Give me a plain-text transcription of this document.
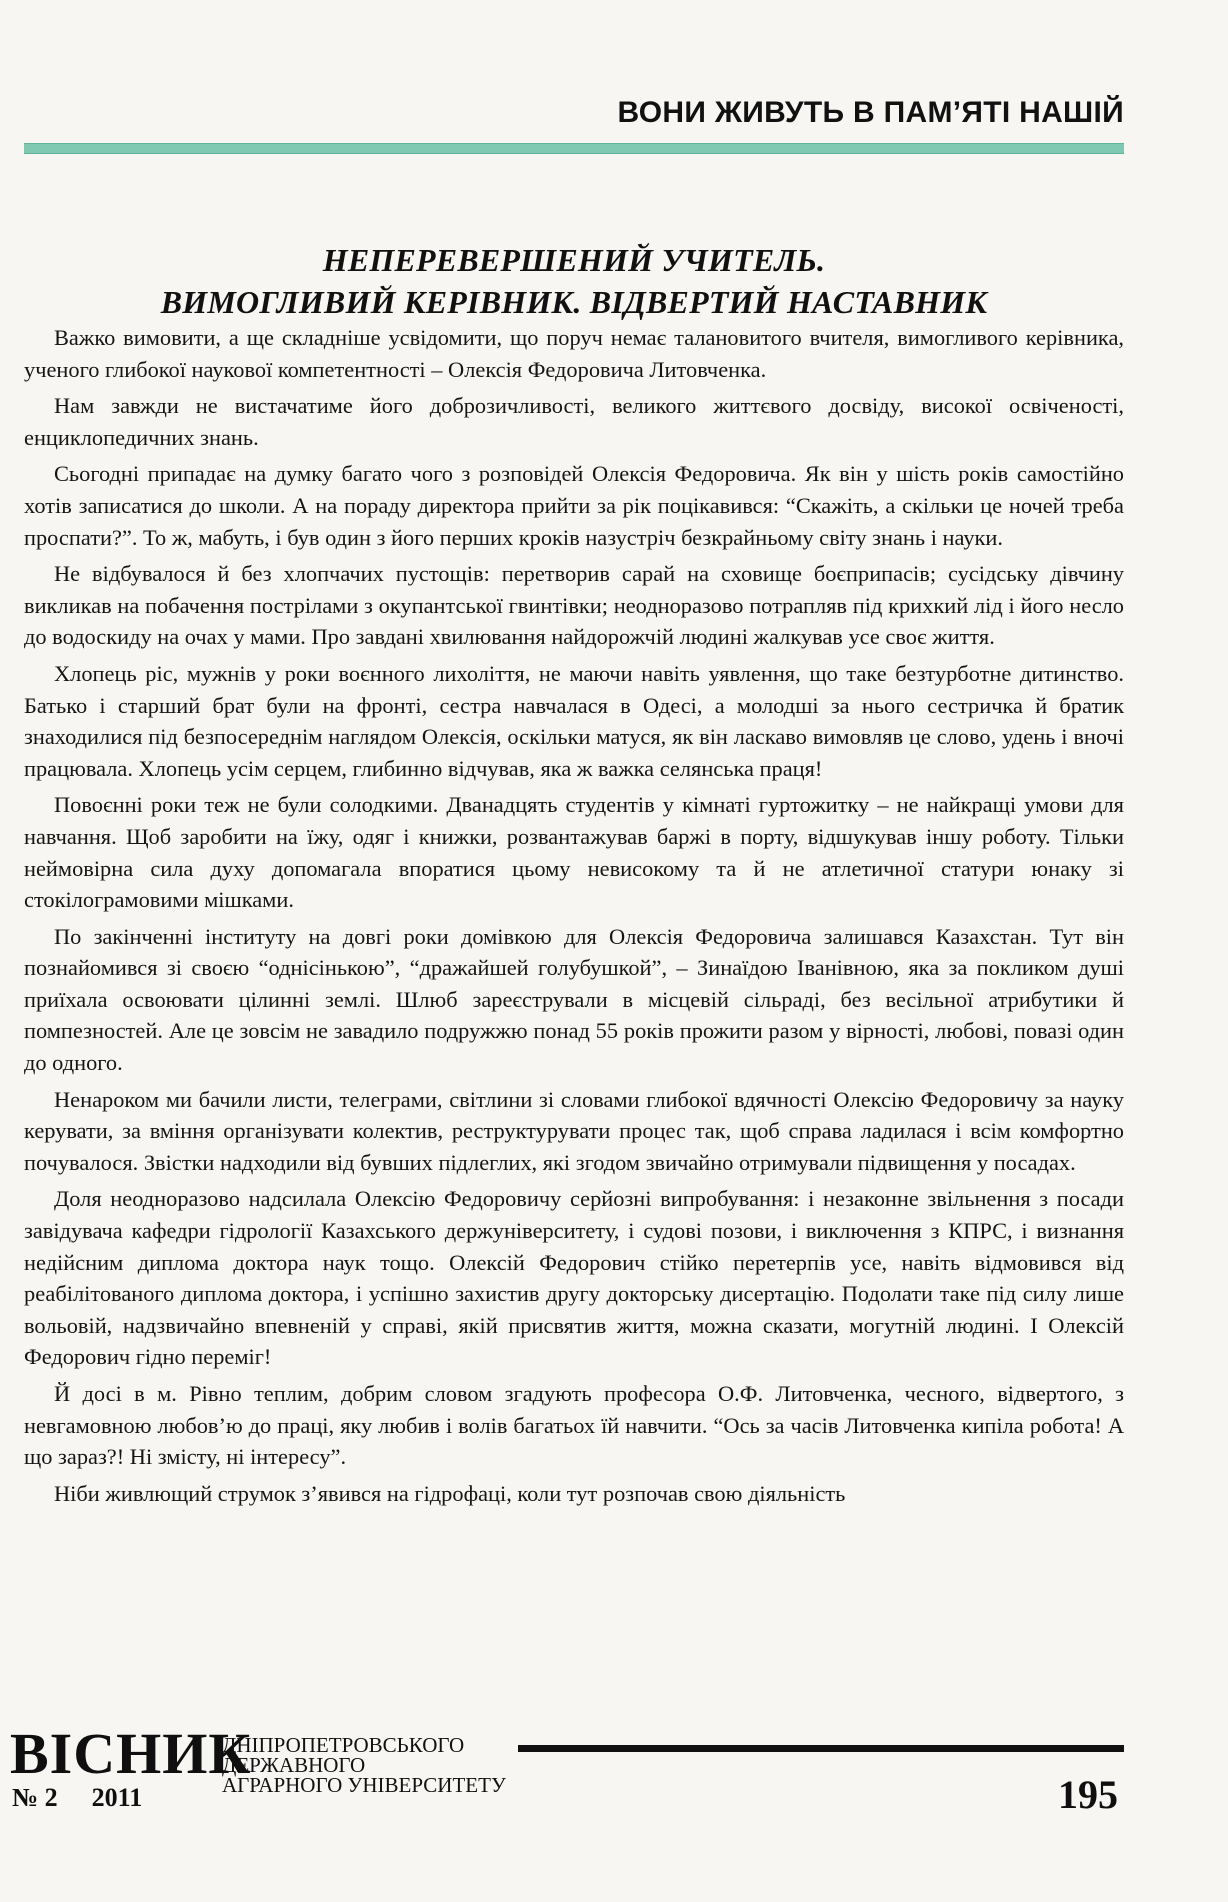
ВОНИ ЖИВУТЬ В ПАМ’ЯТІ НАШІЙ
НЕПЕРЕВЕРШЕНИЙ УЧИТЕЛЬ.
ВИМОГЛИВИЙ КЕРІВНИК. ВІДВЕРТИЙ НАСТАВНИК

Важко вимовити, а ще складніше усвідомити, що поруч немає талановитого вчителя, вимогливого керівника, ученого глибокої наукової компетентності – Олексія Федоровича Литовченка.

Нам завжди не вистачатиме його доброзичливості, великого життєвого досвіду, високої освіченості, енциклопедичних знань.

Сьогодні припадає на думку багато чого з розповідей Олексія Федоровича. Як він у шість років самостійно хотів записатися до школи. А на пораду директора прийти за рік поцікавився: “Скажіть, а скільки це ночей треба проспати?”. То ж, мабуть, і був один з його перших кроків назустріч безкрайньому світу знань і науки.

Не відбувалося й без хлопчачих пустощів: перетворив сарай на сховище боєприпасів; сусідську дівчину викликав на побачення пострілами з окупантської гвинтівки; неодноразово потрапляв під крихкий лід і його несло до водоскиду на очах у мами. Про завдані хвилювання найдорожчій людині жалкував усе своє життя.

Хлопець ріс, мужнів у роки воєнного лихоліття, не маючи навіть уявлення, що таке безтурботне дитинство. Батько і старший брат були на фронті, сестра навчалася в Одесі, а молодші за нього сестричка й братик знаходилися під безпосереднім наглядом Олексія, оскільки матуся, як він ласкаво вимовляв це слово, удень і вночі працювала. Хлопець усім серцем, глибинно відчував, яка ж важка селянська праця!

Повоєнні роки теж не були солодкими. Дванадцять студентів у кімнаті гуртожитку – не найкращі умови для навчання. Щоб заробити на їжу, одяг і книжки, розвантажував баржі в порту, відшукував іншу роботу. Тільки неймовірна сила духу допомагала впоратися цьому невисокому та й не атлетичної статури юнаку зі стокілограмовими мішками.

По закінченні інституту на довгі роки домівкою для Олексія Федоровича залишався Казахстан. Тут він познайомився зі своєю “однісінькою”, “дражайшей голубушкой”, – Зинаїдою Іванівною, яка за покликом душі приїхала освоювати цілинні землі. Шлюб зареєстрували в місцевій сільраді, без весільної атрибутики й помпезностей. Але це зовсім не завадило подружжю понад 55 років прожити разом у вірності, любові, повазі один до одного.

Ненароком ми бачили листи, телеграми, світлини зі словами глибокої вдячності Олексію Федоровичу за науку керувати, за вміння організувати колектив, реструктурувати процес так, щоб справа ладилася і всім комфортно почувалося. Звістки надходили від бувших підлеглих, які згодом звичайно отримували підвищення у посадах.

Доля неодноразово надсилала Олексію Федоровичу серйозні випробування: і незаконне звільнення з посади завідувача кафедри гідрології Казахського держуніверситету, і судові позови, і виключення з КПРС, і визнання недійсним диплома доктора наук тощо. Олексій Федорович стійко перетерпів усе, навіть відмовився від реабілітованого диплома доктора, і успішно захистив другу докторську дисертацію. Подолати таке під силу лише вольовій, надзвичайно впевненій у справі, якій присвятив життя, можна сказати, могутній людині. І Олексій Федорович гідно переміг!

Й досі в м. Рівно теплим, добрим словом згадують професора О.Ф. Литовченка, чесного, відвертого, з невгамовною любов’ю до праці, яку любив і волів багатьох їй навчити. “Ось за часів Литовченка кипіла робота! А що зараз?! Ні змісту, ні інтересу”.

Ніби живлющий струмок з’явився на гідрофаці, коли тут розпочав свою діяльність

ВІСНИК
№ 2 2011
ДНІПРОПЕТРОВСЬКОГО
ДЕРЖАВНОГО
АГРАРНОГО УНІВЕРСИТЕТУ	195
